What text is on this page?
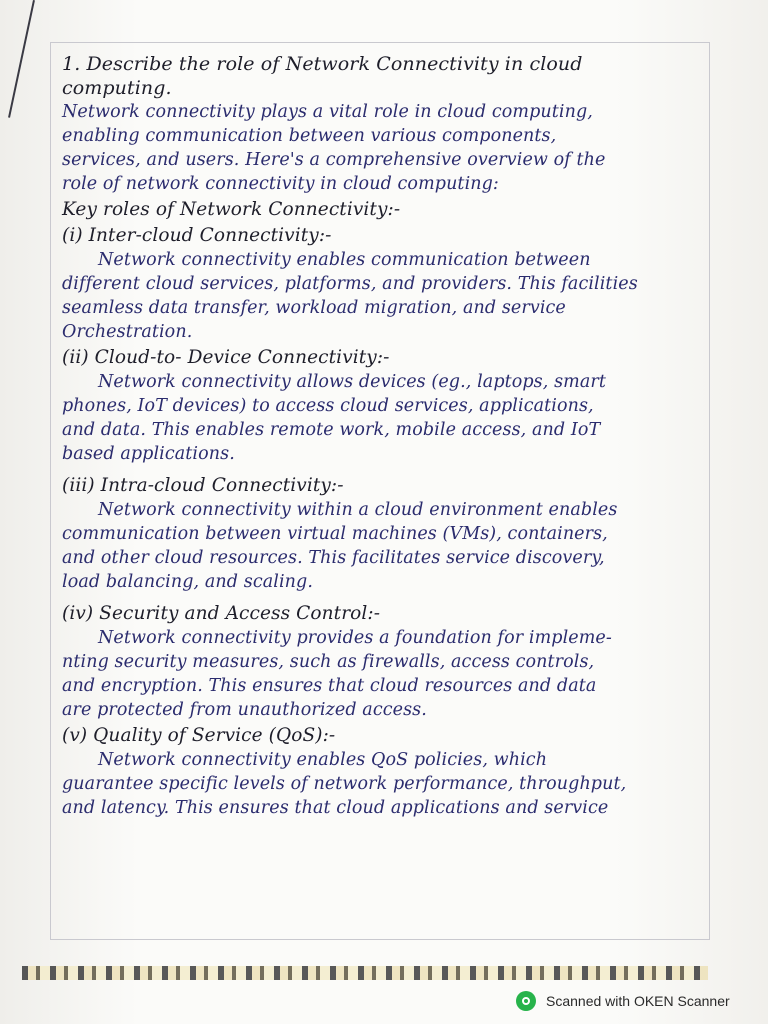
1. Describe the role of Network Connectivity in cloud
computing.
Network connectivity plays a vital role in cloud computing,
enabling communication between various components,
services, and users. Here's a comprehensive overview of the
role of network connectivity in cloud computing:
Key roles of Network Connectivity:-
(i) Inter-cloud Connectivity:-
Network connectivity enables communication between
different cloud services, platforms, and providers. This facilities
seamless data transfer, workload migration, and service
Orchestration.
(ii) Cloud-to- Device Connectivity:-
Network connectivity allows devices (eg., laptops, smart
phones, IoT devices) to access cloud services, applications,
and data. This enables remote work, mobile access, and IoT
based applications.
(iii) Intra-cloud Connectivity:-
Network connectivity within a cloud environment enables
communication between virtual machines (VMs), containers,
and other cloud resources. This facilitates service discovery,
load balancing, and scaling.
(iv) Security and Access Control:-
Network connectivity provides a foundation for impleme-
nting security measures, such as firewalls, access controls,
and encryption. This ensures that cloud resources and data
are protected from unauthorized access.
(v) Quality of Service (QoS):-
Network connectivity enables QoS policies, which
guarantee specific levels of network performance, throughput,
and latency. This ensures that cloud applications and service
Scanned with OKEN Scanner
